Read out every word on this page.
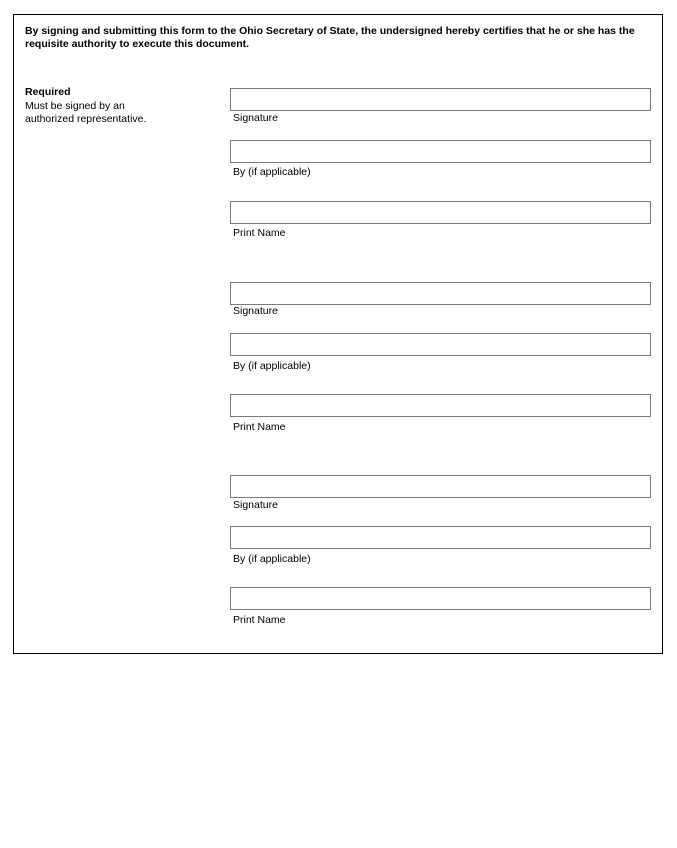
By signing and submitting this form to the Ohio Secretary of State, the undersigned hereby certifies that he or she has the requisite authority to execute this document.
Required
Must be signed by an authorized representative.	Signature
By (if applicable)
Print Name
Signature
By (if applicable)
Print Name
Signature
By (if applicable)
Print Name
